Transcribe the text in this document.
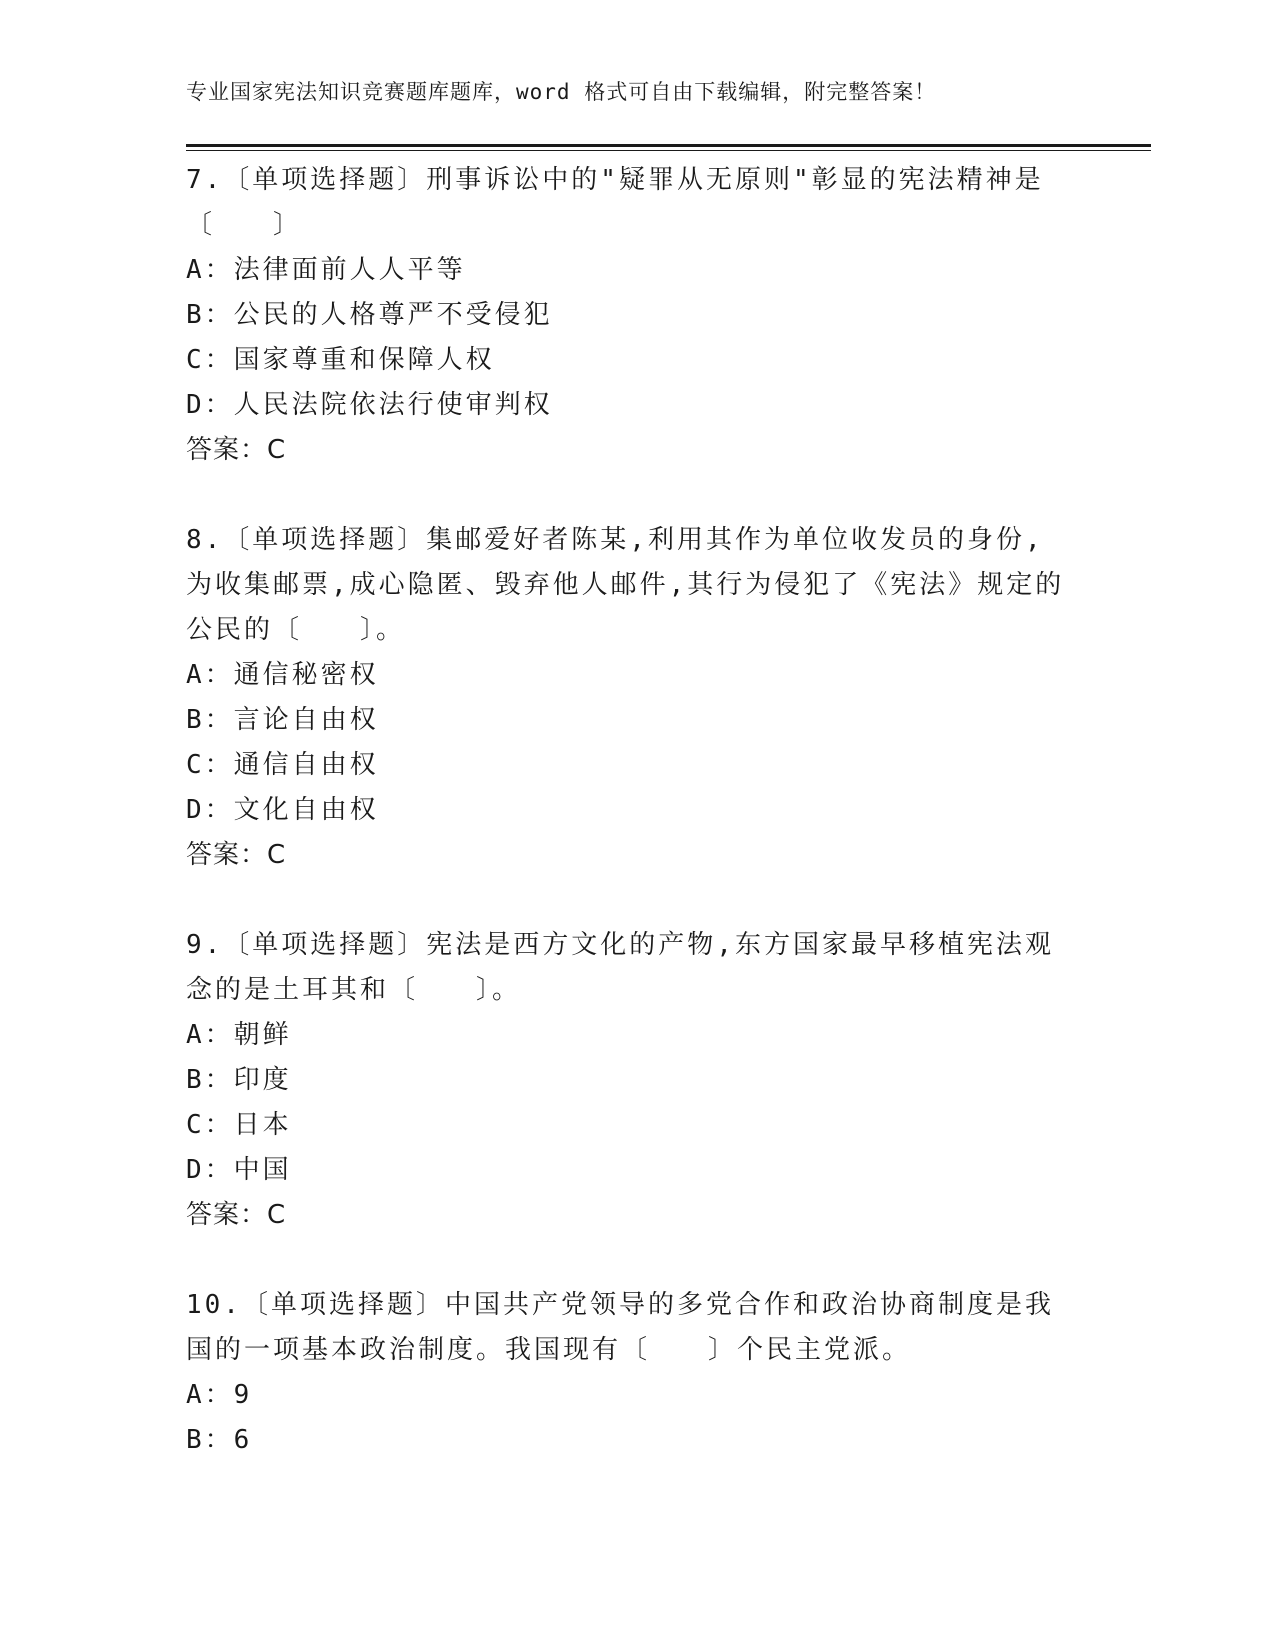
专业国家宪法知识竞赛题库题库，word 格式可自由下载编辑，附完整答案！

7.〔单项选择题〕刑事诉讼中的"疑罪从无原则"彰显的宪法精神是〔　　〕

A：法律面前人人平等

B：公民的人格尊严不受侵犯

C：国家尊重和保障人权

D：人民法院依法行使审判权

答案：C

8.〔单项选择题〕集邮爱好者陈某,利用其作为单位收发员的身份,为收集邮票,成心隐匿、毁弃他人邮件,其行为侵犯了《宪法》规定的公民的〔　　〕。

A：通信秘密权

B：言论自由权

C：通信自由权

D：文化自由权

答案：C

9.〔单项选择题〕宪法是西方文化的产物,东方国家最早移植宪法观念的是土耳其和〔　　〕。

A：朝鲜

B：印度

C：日本

D：中国

答案：C

10.〔单项选择题〕中国共产党领导的多党合作和政治协商制度是我国的一项基本政治制度。我国现有〔　　〕个民主党派。

A：9

B：6
